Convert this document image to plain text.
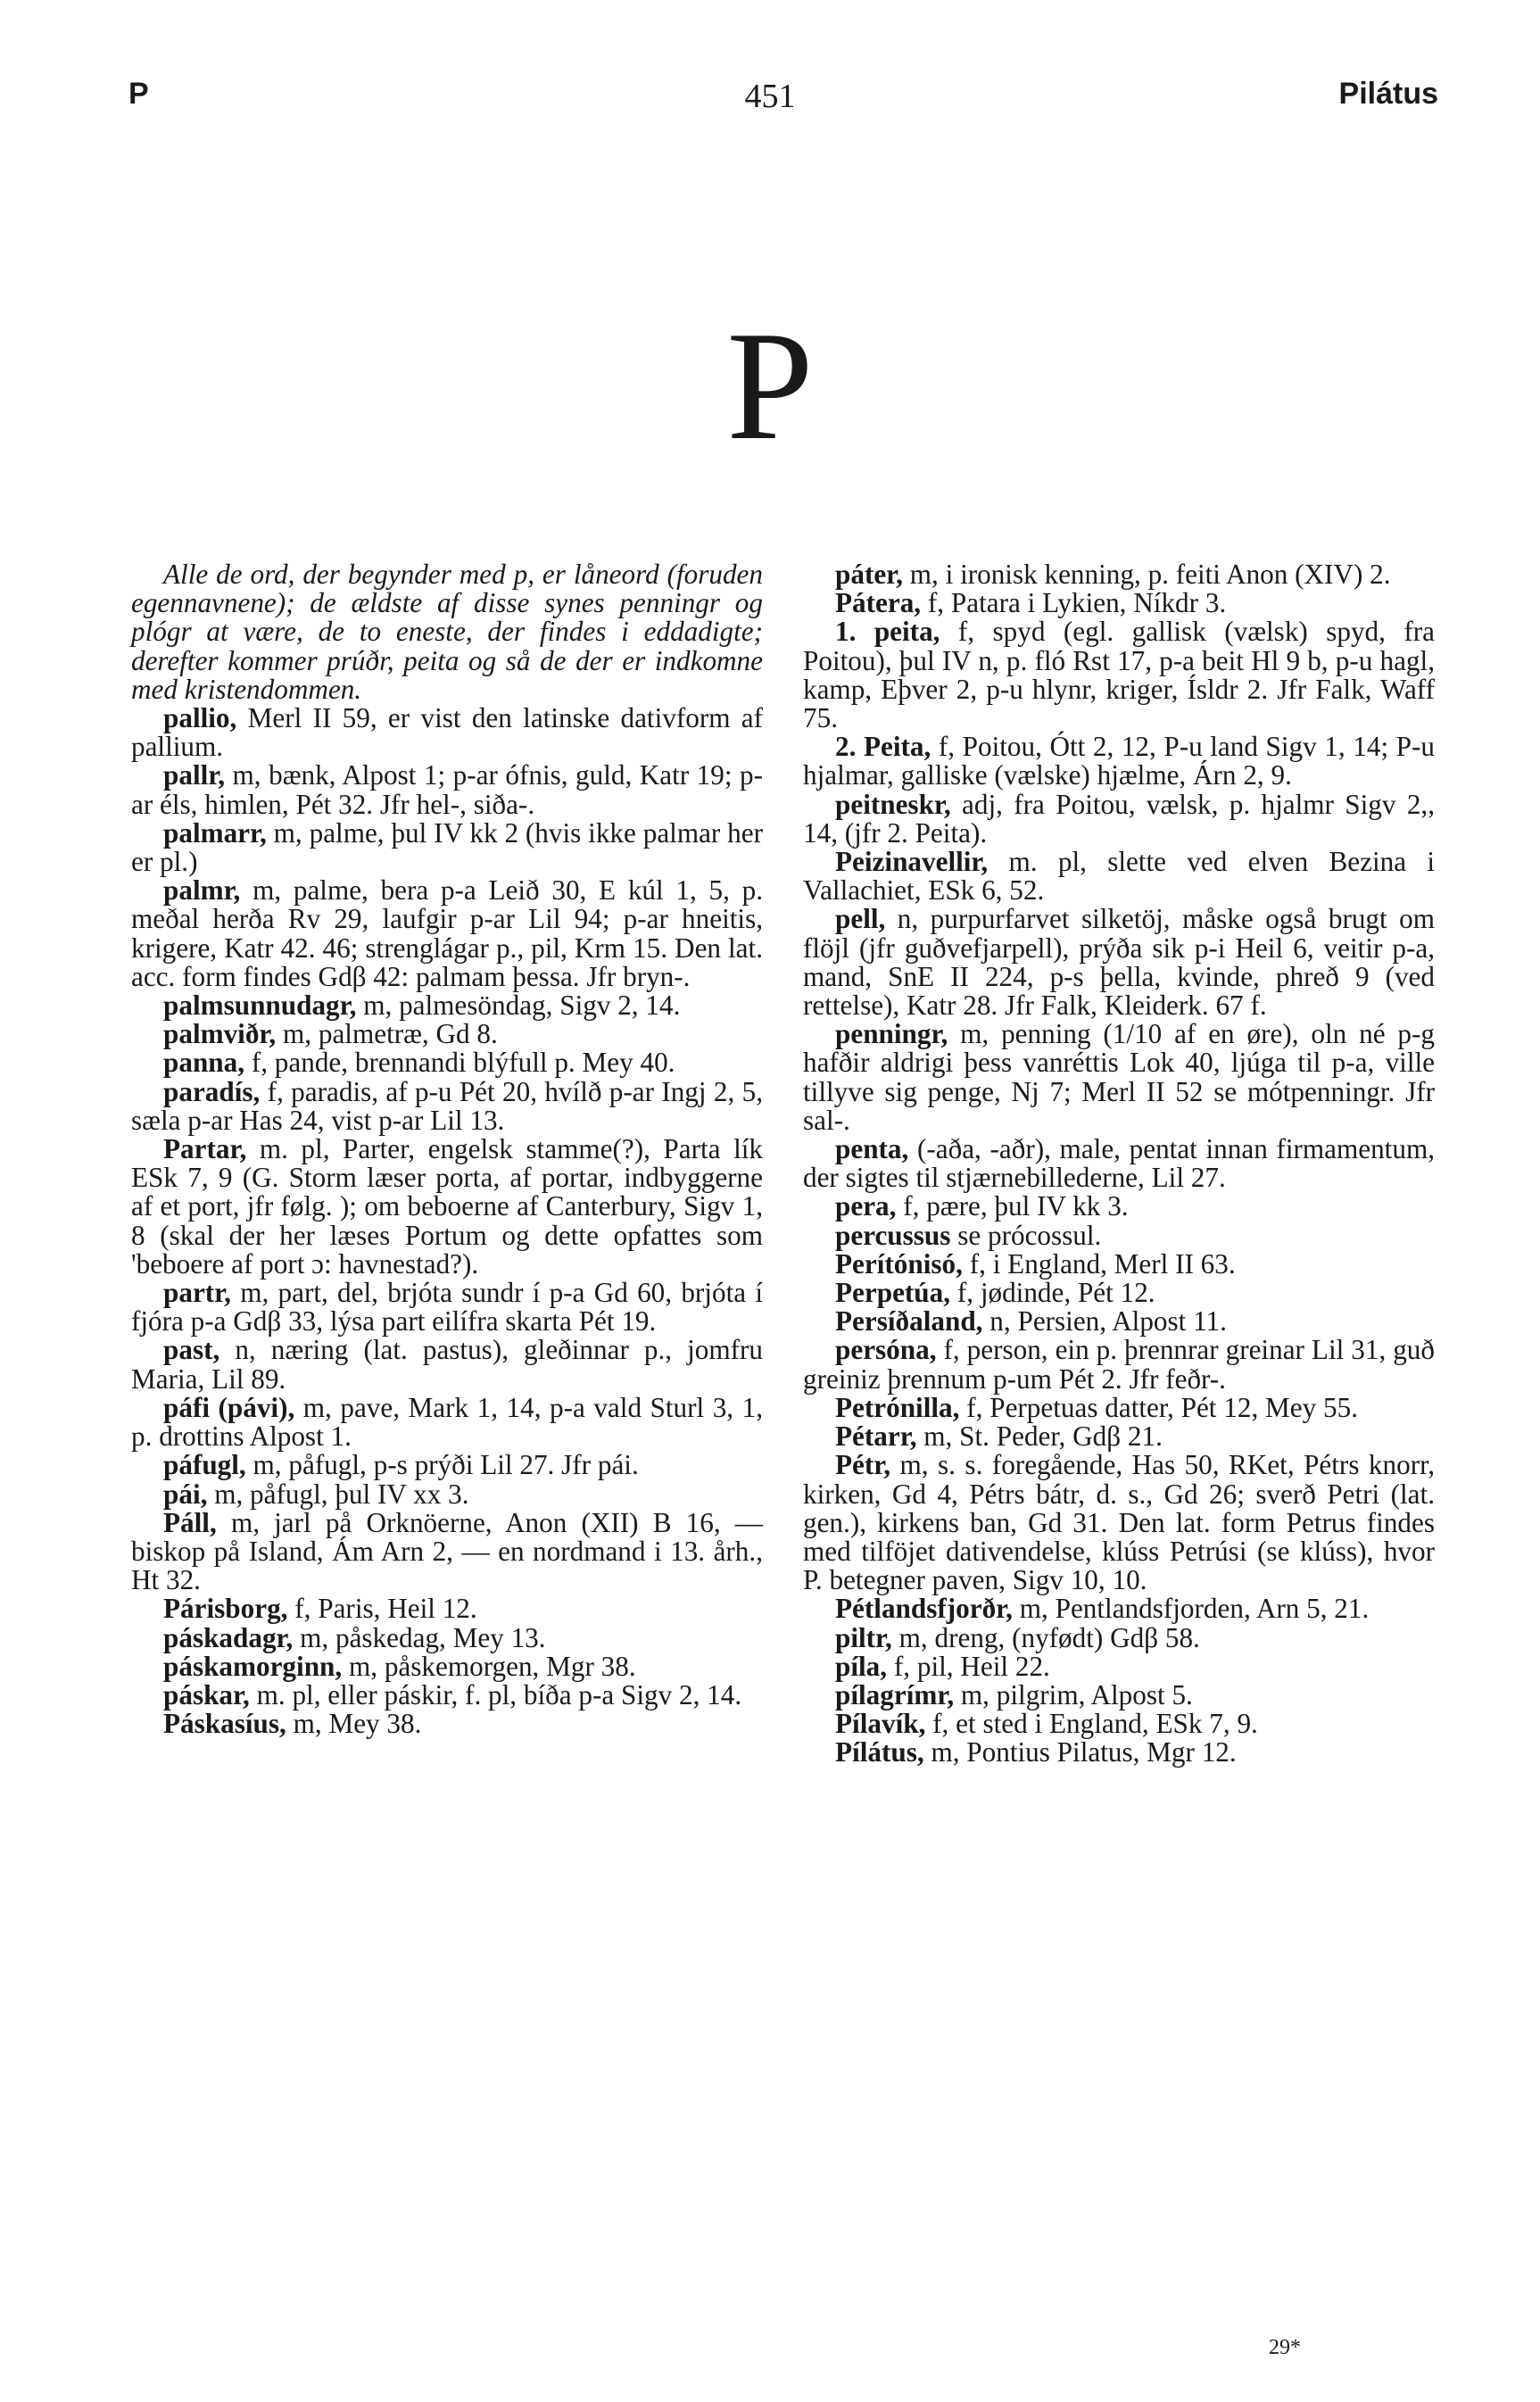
P	451	Pilátus
P

Alle de ord, der begynder med p, er låneord (foruden egennavnene); de ældste af disse synes penningr og plógr at være, de to eneste, der findes i eddadigte; derefter kommer prúðr, peita og så de der er indkomne med kristendommen.

pallio, Merl II 59, er vist den latinske dativform af pallium.

pallr, m, bænk, Alpost 1; p-ar ófnis, guld, Katr 19; p-ar éls, himlen, Pét 32. Jfr hel-, siða-.

palmarr, m, palme, þul IV kk 2 (hvis ikke palmar her er pl.)

palmr, m, palme, bera p-a Leið 30, E kúl 1, 5, p. meðal herða Rv 29, laufgir p-ar Lil 94; p-ar hneitis, krigere, Katr 42. 46; strenglágar p., pil, Krm 15. Den lat. acc. form findes Gdβ 42: palmam þessa. Jfr bryn-.

palmsunnudagr, m, palmesöndag, Sigv 2, 14.

palmviðr, m, palmetræ, Gd 8.

panna, f, pande, brennandi blýfull p. Mey 40.

paradís, f, paradis, af p-u Pét 20, hvílð p-ar Ingj 2, 5, sæla p-ar Has 24, vist p-ar Lil 13.

Partar, m. pl, Parter, engelsk stamme(?), Parta lík ESk 7, 9 (G. Storm læser porta, af portar, indbyggerne af et port, jfr følg. ); om beboerne af Canterbury, Sigv 1, 8 (skal der her læses Portum og dette opfattes som 'beboere af port ɔ: havnestad?).

partr, m, part, del, brjóta sundr í p-a Gd 60, brjóta í fjóra p-a Gdβ 33, lýsa part eilífra skarta Pét 19.

past, n, næring (lat. pastus), gleðinnar p., jomfru Maria, Lil 89.

páfi (pávi), m, pave, Mark 1, 14, p-a vald Sturl 3, 1, p. drottins Alpost 1.

páfugl, m, påfugl, p-s prýði Lil 27. Jfr pái.

pái, m, påfugl, þul IV xx 3.

Páll, m, jarl på Orknöerne, Anon (XII) B 16, — biskop på Island, Ám Arn 2, — en nordmand i 13. årh., Ht 32.

Párisborg, f, Paris, Heil 12.

páskadagr, m, påskedag, Mey 13.

páskamorginn, m, påskemorgen, Mgr 38.

páskar, m. pl, eller páskir, f. pl, bíða p-a Sigv 2, 14.

Páskasíus, m, Mey 38.

páter, m, i ironisk kenning, p. feiti Anon (XIV) 2.

Pátera, f, Patara i Lykien, Níkdr 3.

1. peita, f, spyd (egl. gallisk (vælsk) spyd, fra Poitou), þul IV n, p. fló Rst 17, p-a beit Hl 9 b, p-u hagl, kamp, Eþver 2, p-u hlynr, kriger, Ísldr 2. Jfr Falk, Waff 75.

2. Peita, f, Poitou, Ótt 2, 12, P-u land Sigv 1, 14; P-u hjalmar, galliske (vælske) hjælme, Árn 2, 9.

peitneskr, adj, fra Poitou, vælsk, p. hjalmr Sigv 2,, 14, (jfr 2. Peita).

Peizinavellir, m. pl, slette ved elven Bezina i Vallachiet, ESk 6, 52.

pell, n, purpurfarvet silketöj, måske også brugt om flöjl (jfr guðvefjarpell), prýða sik p-i Heil 6, veitir p-a, mand, SnE II 224, p-s þella, kvinde, phreð 9 (ved rettelse), Katr 28. Jfr Falk, Kleiderk. 67 f.

penningr, m, penning (1/10 af en øre), oln né p-g hafðir aldrigi þess vanréttis Lok 40, ljúga til p-a, ville tillyve sig penge, Nj 7; Merl II 52 se mótpenningr. Jfr sal-.

penta, (-aða, -aðr), male, pentat innan firmamentum, der sigtes til stjærnebillederne, Lil 27.

pera, f, pære, þul IV kk 3.

percussus se prócossul.

Perítónisó, f, i England, Merl II 63.

Perpetúa, f, jødinde, Pét 12.

Persíðaland, n, Persien, Alpost 11.

persóna, f, person, ein p. þrennrar greinar Lil 31, guð greiniz þrennum p-um Pét 2. Jfr feðr-.

Petrónilla, f, Perpetuas datter, Pét 12, Mey 55.

Pétarr, m, St. Peder, Gdβ 21.

Pétr, m, s. s. foregående, Has 50, RKet, Pétrs knorr, kirken, Gd 4, Pétrs bátr, d. s., Gd 26; sverð Petri (lat. gen.), kirkens ban, Gd 31. Den lat. form Petrus findes med tilföjet dativendelse, klúss Petrúsi (se klúss), hvor P. betegner paven, Sigv 10, 10.

Pétlandsfjorðr, m, Pentlandsfjorden, Arn 5, 21.

piltr, m, dreng, (nyfødt) Gdβ 58.

píla, f, pil, Heil 22.

pílagrímr, m, pilgrim, Alpost 5.

Pílavík, f, et sted i England, ESk 7, 9.

Pílátus, m, Pontius Pilatus, Mgr 12.

29*
